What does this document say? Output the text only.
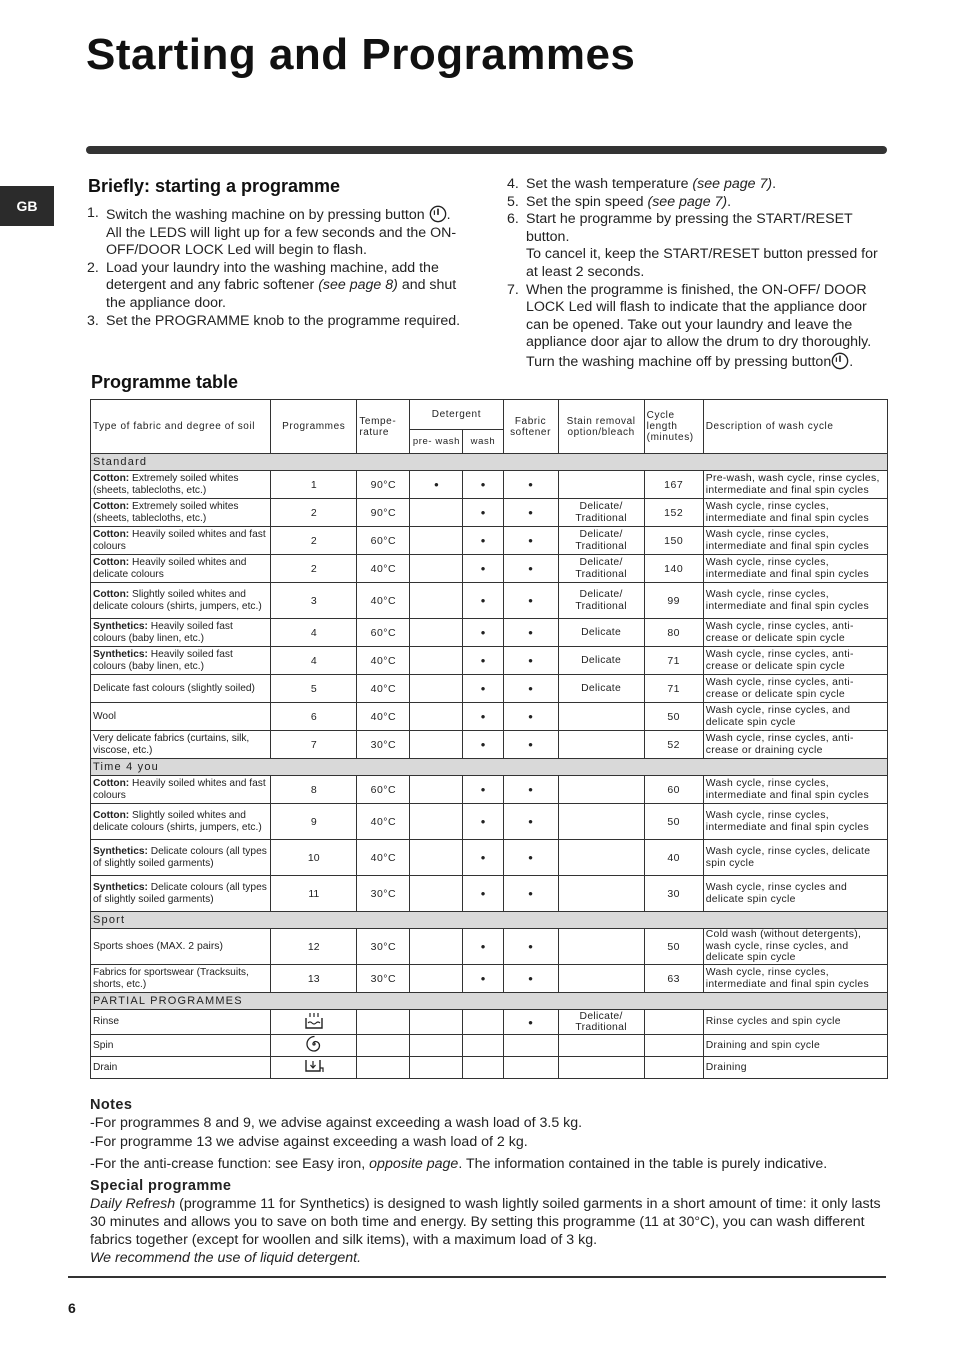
Starting and Programmes
GB
Briefly: starting a programme
1. Switch the washing machine on by pressing button . All the LEDS will light up for a few seconds and the ON-OFF/DOOR LOCK Led will begin to flash.
2. Load your laundry into the washing machine, add the detergent and any fabric softener (see page 8) and shut the appliance door.
3. Set the PROGRAMME knob to the programme required.
4. Set the wash temperature (see page 7).
5. Set the spin speed (see page 7).
6. Start he programme by pressing the START/RESET button.

To cancel it, keep the START/RESET button pressed for at least 2 seconds.

7. When the programme is finished, the ON-OFF/ DOOR LOCK Led will flash to indicate that the appliance door can be opened. Take out your laundry and leave the appliance door ajar to allow the drum to dry thoroughly. Turn the washing machine off by pressing button .
Programme table
Type of fabric and degree of soil	Programmes	Tempe- rature	Detergent		Fabric softener	Stain removal option/bleach	Cycle length (minutes)	Description of wash cycle
			pre- wash	wash				
Standard								
Cotton: Extremely soiled whites (sheets, tablecloths, etc.)	1	90°C	•	•	•		167	Pre-wash, wash cycle, rinse cycles, intermediate and final spin cycles
Cotton: Extremely soiled whites (sheets, tablecloths, etc.)	2	90°C		•	•	Delicate/ Traditional	152	Wash cycle, rinse cycles, intermediate and final spin cycles
Cotton: Heavily soiled whites and fast colours	2	60°C		•	•	Delicate/ Traditional	150	Wash cycle, rinse cycles, intermediate and final spin cycles
Cotton: Heavily soiled whites and delicate colours	2	40°C		•	•	Delicate/ Traditional	140	Wash cycle, rinse cycles, intermediate and final spin cycles
Cotton: Slightly soiled whites and delicate colours (shirts, jumpers, etc.)	3	40°C		•	•	Delicate/ Traditional	99	Wash cycle, rinse cycles, intermediate and final spin cycles
Synthetics: Heavily soiled fast colours (baby linen, etc.)	4	60°C		•	•	Delicate	80	Wash cycle, rinse cycles, anti-crease or delicate spin cycle
Synthetics: Heavily soiled fast colours (baby linen, etc.)	4	40°C		•	•	Delicate	71	Wash cycle, rinse cycles, anti-crease or delicate spin cycle
Delicate fast colours (slightly soiled)	5	40°C		•	•	Delicate	71	Wash cycle, rinse cycles, anti-crease or delicate spin cycle
Wool	6	40°C		•	•		50	Wash cycle, rinse cycles, and delicate spin cycle
Very delicate fabrics (curtains, silk, viscose, etc.)	7	30°C		•	•		52	Wash cycle, rinse cycles, anti-crease or draining cycle
Time 4 you								
Cotton: Heavily soiled whites and fast colours	8	60°C		•	•		60	Wash cycle, rinse cycles, intermediate and final spin cycles
Cotton: Slightly soiled whites and delicate colours (shirts, jumpers, etc.)	9	40°C		•	•		50	Wash cycle, rinse cycles, intermediate and final spin cycles
Synthetics: Delicate colours (all types of slightly soiled garments)	10	40°C		•	•		40	Wash cycle, rinse cycles, delicate spin cycle
Synthetics: Delicate colours (all types of slightly soiled garments)	11	30°C		•	•		30	Wash cycle, rinse cycles and delicate spin cycle
Sport								
Sports shoes (MAX. 2 pairs)	12	30°C		•	•		50	Cold wash (without detergents), wash cycle, rinse cycles, and delicate spin cycle
Fabrics for sportswear (Tracksuits, shorts, etc.)	13	30°C		•	•		63	Wash cycle, rinse cycles, intermediate and final spin cycles
PARTIAL PROGRAMMES								
Rinse					•	Delicate/ Traditional		Rinse cycles and spin cycle
Spin								Draining and spin cycle
Drain								Draining

Notes

-For programmes 8 and 9, we advise against exceeding a wash load of 3.5 kg.

-For programme 13 we advise against exceeding a wash load of 2 kg.

-For the anti-crease function: see Easy iron, opposite page. The information contained in the table is purely indicative.

Special programme

Daily Refresh (programme 11 for Synthetics) is designed to wash lightly soiled garments in a short amount of time: it only lasts 30 minutes and allows you to save on both time and energy. By setting this programme (11 at 30°C), you can wash different fabrics together (except for woollen and silk items), with a maximum load of 3 kg.

We recommend the use of liquid detergent.

6
